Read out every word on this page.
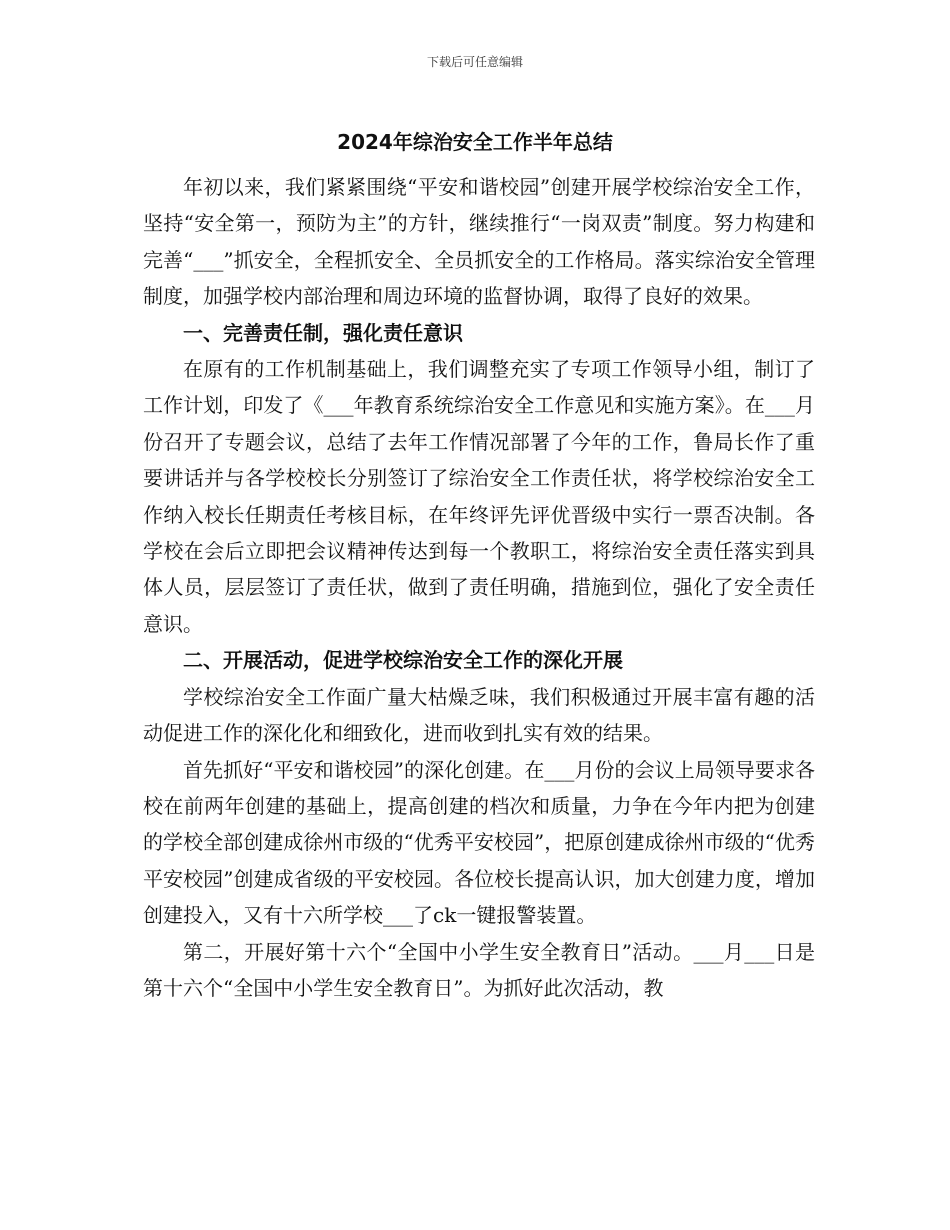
下载后可任意编辑
2024年综治安全工作半年总结

年初以来，我们紧紧围绕“平安和谐校园”创建开展学校综治安全工作，坚持“安全第一，预防为主”的方针，继续推行“一岗双责”制度。努力构建和完善“___”抓安全，全程抓安全、全员抓安全的工作格局。落实综治安全管理制度，加强学校内部治理和周边环境的监督协调，取得了良好的效果。

一、完善责任制，强化责任意识

在原有的工作机制基础上，我们调整充实了专项工作领导小组，制订了工作计划，印发了《___年教育系统综治安全工作意见和实施方案》。在___月份召开了专题会议，总结了去年工作情况部署了今年的工作，鲁局长作了重要讲话并与各学校校长分别签订了综治安全工作责任状，将学校综治安全工作纳入校长任期责任考核目标，在年终评先评优晋级中实行一票否决制。各学校在会后立即把会议精神传达到每一个教职工，将综治安全责任落实到具体人员，层层签订了责任状，做到了责任明确，措施到位，强化了安全责任意识。

二、开展活动，促进学校综治安全工作的深化开展

学校综治安全工作面广量大枯燥乏味，我们积极通过开展丰富有趣的活动促进工作的深化化和细致化，进而收到扎实有效的结果。

首先抓好“平安和谐校园”的深化创建。在___月份的会议上局领导要求各校在前两年创建的基础上，提高创建的档次和质量，力争在今年内把为创建的学校全部创建成徐州市级的“优秀平安校园”，把原创建成徐州市级的“优秀平安校园”创建成省级的平安校园。各位校长提高认识，加大创建力度，增加创建投入，又有十六所学校___了ck一键报警装置。

第二，开展好第十六个“全国中小学生安全教育日”活动。___月___日是第十六个“全国中小学生安全教育日”。为抓好此次活动，教
